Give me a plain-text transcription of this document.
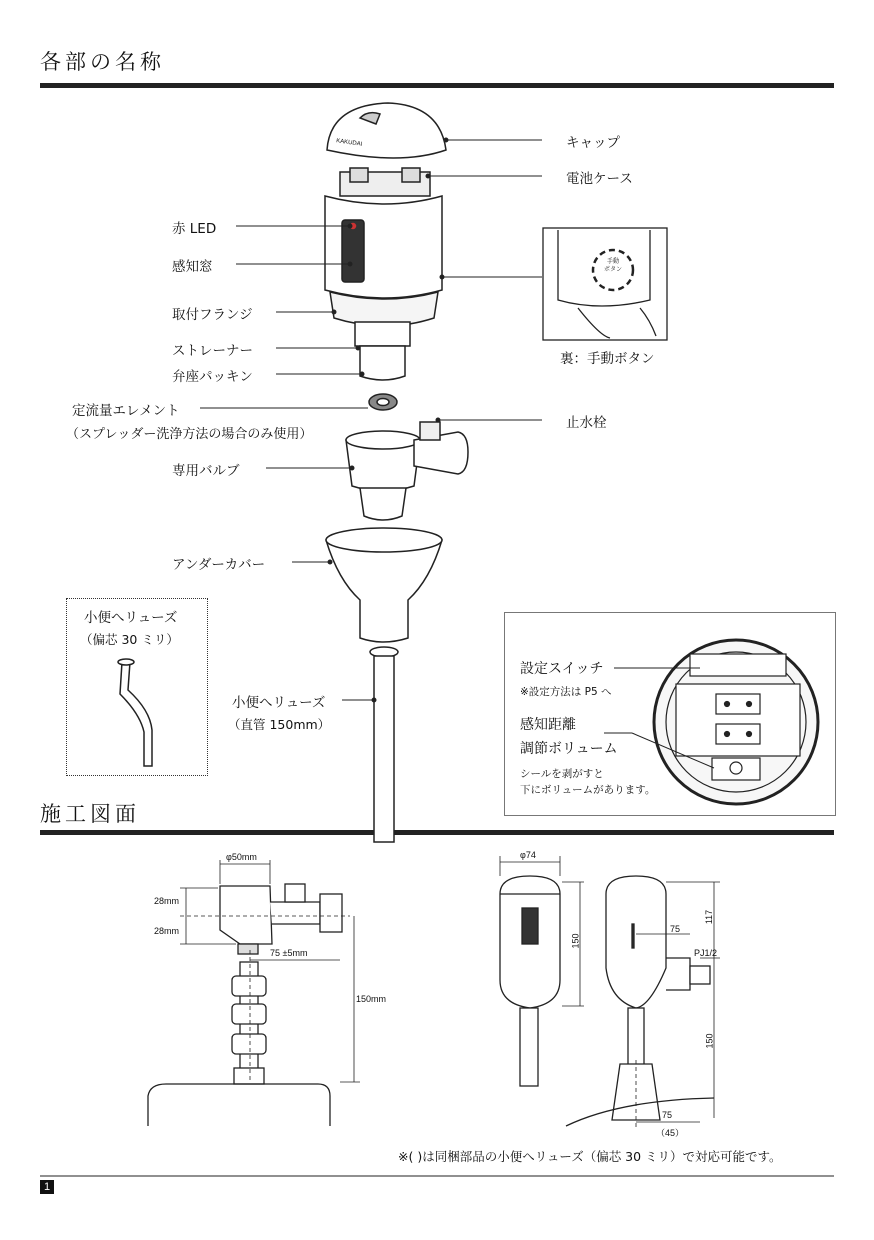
各部の名称
施工図面
キャップ
電池ケース
赤 LED
感知窓
取付フランジ
ストレーナー
弁座パッキン
定流量エレメント
（スプレッダー洗浄方法の場合のみ使用）
止水栓
専用バルブ
アンダーカバー
裏：手動ボタン
KAKUDAI
手動
ボタン
小便へリューズ
（偏芯 30 ミリ）
小便へリューズ
（直管 150mm）
設定スイッチ
※設定方法は P5 へ
感知距離
調節ボリューム
シールを剥がすと
下にボリュームがあります。
φ50mm
28mm
28mm
75 ±5mm
150mm
φ74
150
117
75
PJ1/2
150
75
（45）
※( )は同梱部品の小便へリューズ（偏芯 30 ミリ）で対応可能です。
1
